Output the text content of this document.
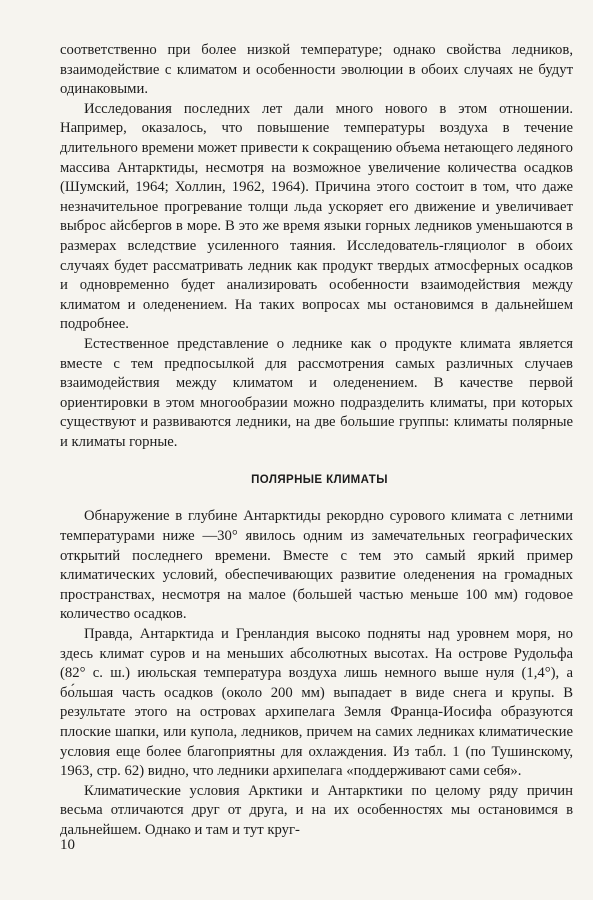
соответственно при более низкой температуре; однако свойства ледников, взаимодействие с климатом и особенности эволюции в обоих случаях не будут одинаковыми.

Исследования последних лет дали много нового в этом отношении. Например, оказалось, что повышение температуры воздуха в течение длительного времени может привести к сокращению объема нетающего ледяного массива Антарктиды, несмотря на возможное увеличение количества осадков (Шумский, 1964; Холлин, 1962, 1964). Причина этого состоит в том, что даже незначительное прогревание толщи льда ускоряет его движение и увеличивает выброс айсбергов в море. В это же время языки горных ледников уменьшаются в размерах вследствие усиленного таяния. Исследователь-гляциолог в обоих случаях будет рассматривать ледник как продукт твердых атмосферных осадков и одновременно будет анализировать особенности взаимодействия между климатом и оледенением. На таких вопросах мы остановимся в дальнейшем подробнее.

Естественное представление о леднике как о продукте климата является вместе с тем предпосылкой для рассмотрения самых различных случаев взаимодействия между климатом и оледенением. В качестве первой ориентировки в этом многообразии можно подразделить климаты, при которых существуют и развиваются ледники, на две большие группы: климаты полярные и климаты горные.

ПОЛЯРНЫЕ КЛИМАТЫ

Обнаружение в глубине Антарктиды рекордно сурового климата с летними температурами ниже —30° явилось одним из замечательных географических открытий последнего времени. Вместе с тем это самый яркий пример климатических условий, обеспечивающих развитие оледенения на громадных пространствах, несмотря на малое (большей частью меньше 100 мм) годовое количество осадков.

Правда, Антарктида и Гренландия высоко подняты над уровнем моря, но здесь климат суров и на меньших абсолютных высотах. На острове Рудольфа (82° с. ш.) июльская температура воздуха лишь немного выше нуля (1,4°), а бо́льшая часть осадков (около 200 мм) выпадает в виде снега и крупы. В результате этого на островах архипелага Земля Франца-Иосифа образуются плоские шапки, или купола, ледников, причем на самих ледниках климатические условия еще более благоприятны для охлаждения. Из табл. 1 (по Тушинскому, 1963, стр. 62) видно, что ледники архипелага «поддерживают сами себя».

Климатические условия Арктики и Антарктики по целому ряду причин весьма отличаются друг от друга, и на их особенностях мы остановимся в дальнейшем. Однако и там и тут круг-

10
